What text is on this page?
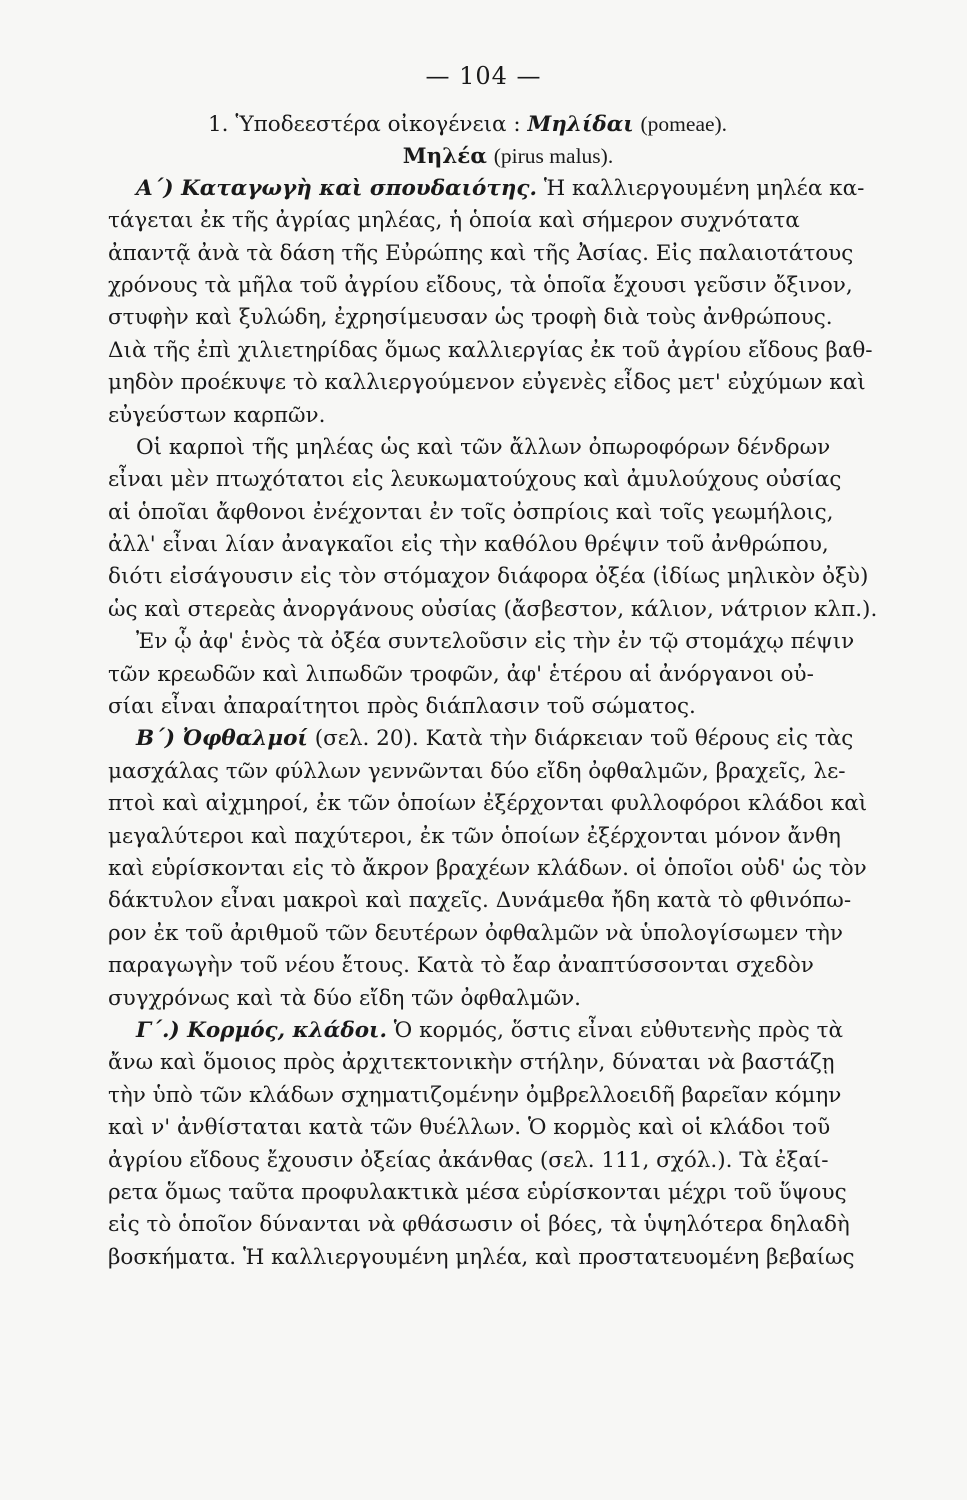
— 104 —
1. Ὑποδεεστέρα οἰκογένεια : Μηλίδαι (pomeae).
Μηλέα (pirus malus).
Α΄) Καταγωγὴ καὶ σπουδαιότης. Ἡ καλλιεργουμένη μηλέα κα-
τάγεται ἐκ τῆς ἀγρίας μηλέας, ἡ ὁποία καὶ σήμερον συχνότατα
ἀπαντᾷ ἀνὰ τὰ δάση τῆς Εὐρώπης καὶ τῆς Ἀσίας. Εἰς παλαιοτάτους
χρόνους τὰ μῆλα τοῦ ἀγρίου εἴδους, τὰ ὁποῖα ἔχουσι γεῦσιν ὄξινον,
στυφὴν καὶ ξυλώδη, ἐχρησίμευσαν ὡς τροφὴ διὰ τοὺς ἀνθρώπους.
Διὰ τῆς ἐπὶ χιλιετηρίδας ὅμως καλλιεργίας ἐκ τοῦ ἀγρίου εἴδους βαθ-
μηδὸν προέκυψε τὸ καλλιεργούμενον εὐγενὲς εἶδος μετ' εὐχύμων καὶ
εὐγεύστων καρπῶν.
Οἱ καρποὶ τῆς μηλέας ὡς καὶ τῶν ἄλλων ὀπωροφόρων δένδρων
εἶναι μὲν πτωχότατοι εἰς λευκωματούχους καὶ ἀμυλούχους οὐσίας
αἱ ὁποῖαι ἄφθονοι ἐνέχονται ἐν τοῖς ὀσπρίοις καὶ τοῖς γεωμήλοις,
ἀλλ' εἶναι λίαν ἀναγκαῖοι εἰς τὴν καθόλου θρέψιν τοῦ ἀνθρώπου,
διότι εἰσάγουσιν εἰς τὸν στόμαχον διάφορα ὀξέα (ἰδίως μηλικὸν ὀξὺ)
ὡς καὶ στερεὰς ἀνοργάνους οὐσίας (ἄσβεστον, κάλιον, νάτριον κλπ.).
Ἐν ᾧ ἀφ' ἑνὸς τὰ ὀξέα συντελοῦσιν εἰς τὴν ἐν τῷ στομάχῳ πέψιν
τῶν κρεωδῶν καὶ λιπωδῶν τροφῶν, ἀφ' ἑτέρου αἱ ἀνόργανοι οὐ-
σίαι εἶναι ἀπαραίτητοι πρὸς διάπλασιν τοῦ σώματος.
Β΄) Ὀφθαλμοί (σελ. 20). Κατὰ τὴν διάρκειαν τοῦ θέρους εἰς τὰς
μασχάλας τῶν φύλλων γεννῶνται δύο εἴδη ὀφθαλμῶν, βραχεῖς, λε-
πτοὶ καὶ αἰχμηροί, ἐκ τῶν ὁποίων ἐξέρχονται φυλλοφόροι κλάδοι καὶ
μεγαλύτεροι καὶ παχύτεροι, ἐκ τῶν ὁποίων ἐξέρχονται μόνον ἄνθη
καὶ εὑρίσκονται εἰς τὸ ἄκρον βραχέων κλάδων. οἱ ὁποῖοι οὐδ' ὡς τὸν
δάκτυλον εἶναι μακροὶ καὶ παχεῖς. Δυνάμεθα ἤδη κατὰ τὸ φθινόπω-
ρον ἐκ τοῦ ἀριθμοῦ τῶν δευτέρων ὀφθαλμῶν νὰ ὑπολογίσωμεν τὴν
παραγωγὴν τοῦ νέου ἔτους. Κατὰ τὸ ἔαρ ἀναπτύσσονται σχεδὸν
συγχρόνως καὶ τὰ δύο εἴδη τῶν ὀφθαλμῶν.
Γ΄.) Κορμός, κλάδοι. Ὁ κορμός, ὅστις εἶναι εὐθυτενὴς πρὸς τὰ
ἄνω καὶ ὅμοιος πρὸς ἀρχιτεκτονικὴν στήλην, δύναται νὰ βαστάζῃ
τὴν ὑπὸ τῶν κλάδων σχηματιζομένην ὀμβρελλοειδῆ βαρεῖαν κόμην
καὶ ν' ἀνθίσταται κατὰ τῶν θυέλλων. Ὁ κορμὸς καὶ οἱ κλάδοι τοῦ
ἀγρίου εἴδους ἔχουσιν ὀξείας ἀκάνθας (σελ. 111, σχόλ.). Τὰ ἐξαί-
ρετα ὅμως ταῦτα προφυλακτικὰ μέσα εὑρίσκονται μέχρι τοῦ ὕψους
εἰς τὸ ὁποῖον δύνανται νὰ φθάσωσιν οἱ βόες, τὰ ὑψηλότερα δηλαδὴ
βοσκήματα. Ἡ καλλιεργουμένη μηλέα, καὶ προστατευομένη βεβαίως
